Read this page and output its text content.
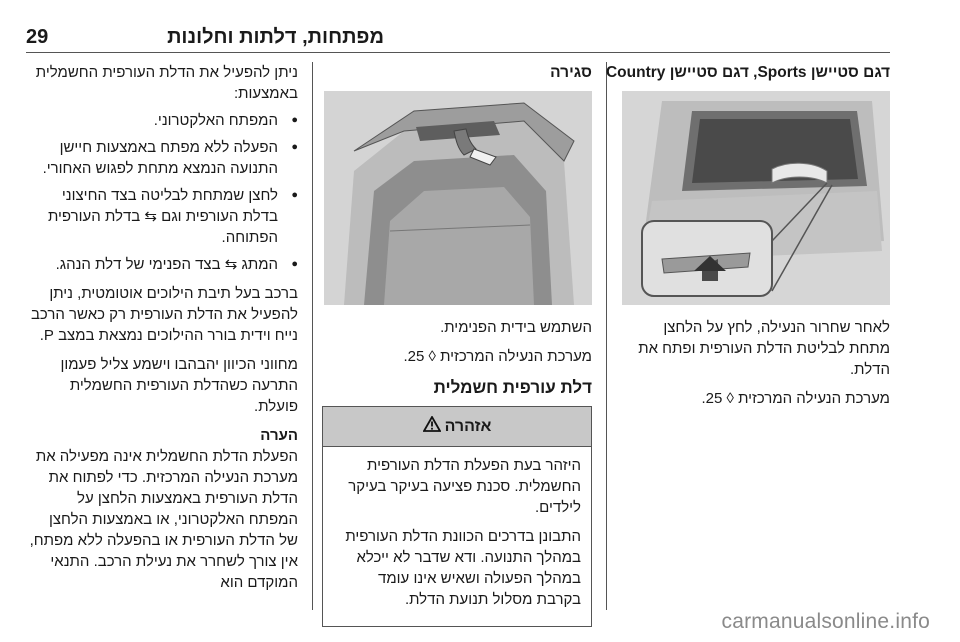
29	מפתחות, דלתות וחלונות
דגם סטיישן Sports, דגם סטיישן Country

לאחר שחרור הנעילה, לחץ על הלחצן מתחת לבליטת הדלת העורפית ופתח את הדלת.

מערכת הנעילה המרכזית ◊ 25.

סגירה

השתמש בידית הפנימית.

מערכת הנעילה המרכזית ◊ 25.

דלת עורפית חשמלית
אזהרה

היזהר בעת הפעלת הדלת העורפית החשמלית. סכנת פציעה בעיקר בעיקר לילדים.

התבונן בדרכים הכוונת הדלת העורפית במהלך התנועה. ודא שדבר לא ייכלא במהלך הפעולה ושאיש אינו עומד בקרבת מסלול תנועת הדלת.

ניתן להפעיל את הדלת העורפית החשמלית באמצעות:

● המפתח האלקטרוני.
● הפעלה ללא מפתח באמצעות חיישן התנועה הנמצא מתחת לפגוש האחורי.
● לחצן שמתחת לבליטה בצד החיצוני בדלת העורפית וגם ⇆ בדלת העורפית הפתוחה.
● המתג ⇆ בצד הפנימי של דלת הנהג.

ברכב בעל תיבת הילוכים אוטומטית, ניתן להפעיל את הדלת העורפית רק כאשר הרכב נייח וידית בורר ההילוכים נמצאת במצב P.

מחווני הכיוון יהבהבו וישמע צליל פעמון התרעה כשהדלת העורפית החשמלית פועלת.

הערה

הפעלת הדלת החשמלית אינה מפעילה את מערכת הנעילה המרכזית. כדי לפתוח את הדלת העורפית באמצעות הלחצן על המפתח האלקטרוני, או באמצעות הלחצן של הדלת העורפית או בהפעלה ללא מפתח, אין צורך לשחרר את נעילת הרכב. התנאי המוקדם הוא

carmanualsonline.info
